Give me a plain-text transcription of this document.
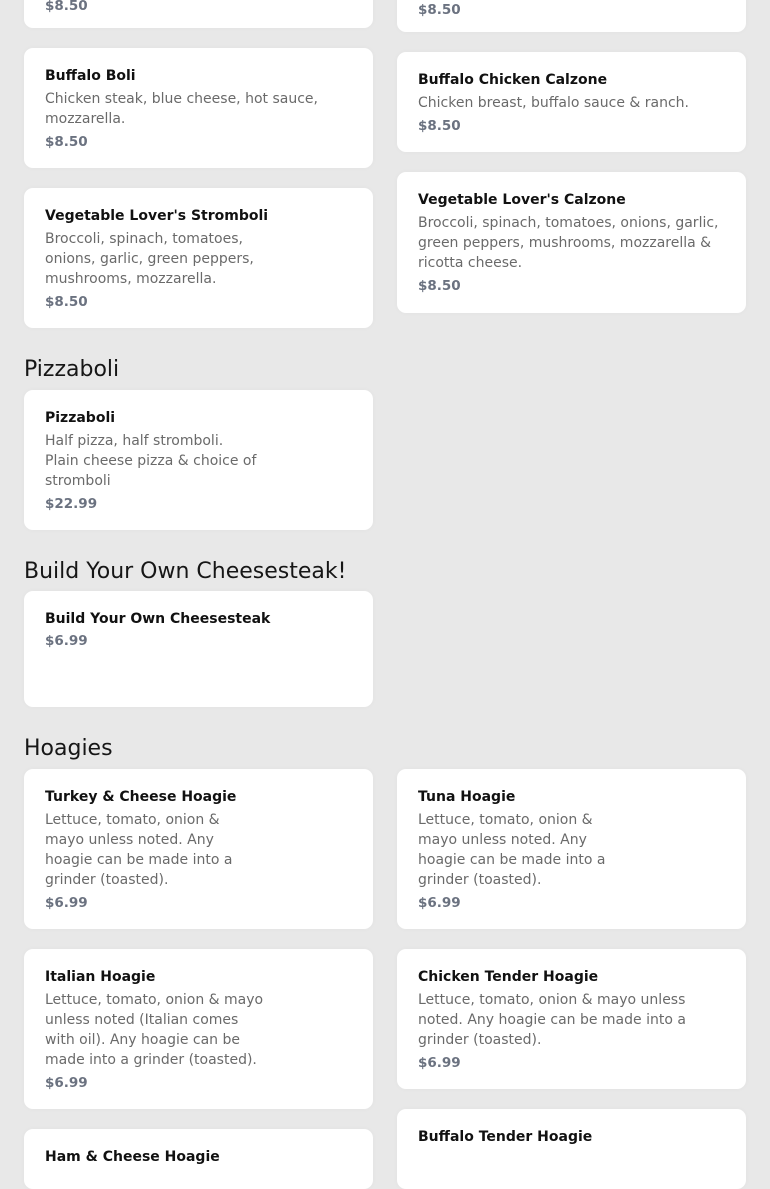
$8.50	$8.50
Buffalo Boli
Chicken steak, blue cheese, hot sauce, mozzarella.
$8.50
Buffalo Chicken Calzone
Chicken breast, buffalo sauce & ranch.
$8.50
Vegetable Lover's Stromboli
Broccoli, spinach, tomatoes, onions, garlic, green peppers, mushrooms, mozzarella.
$8.50
Vegetable Lover's Calzone
Broccoli, spinach, tomatoes, onions, garlic, green peppers, mushrooms, mozzarella & ricotta cheese.
$8.50
Pizzaboli
Pizzaboli
Half pizza, half stromboli. Plain cheese pizza & choice of stromboli
$22.99
Build Your Own Cheesesteak!
Build Your Own Cheesesteak
$6.99
Hoagies
Turkey & Cheese Hoagie
Lettuce, tomato, onion & mayo unless noted. Any hoagie can be made into a grinder (toasted).
$6.99
Tuna Hoagie
Lettuce, tomato, onion & mayo unless noted. Any hoagie can be made into a grinder (toasted).
$6.99
Italian Hoagie
Lettuce, tomato, onion & mayo unless noted (Italian comes with oil). Any hoagie can be made into a grinder (toasted).
$6.99
Chicken Tender Hoagie
Lettuce, tomato, onion & mayo unless noted. Any hoagie can be made into a grinder (toasted).
$6.99
Ham & Cheese Hoagie
Buffalo Tender Hoagie
